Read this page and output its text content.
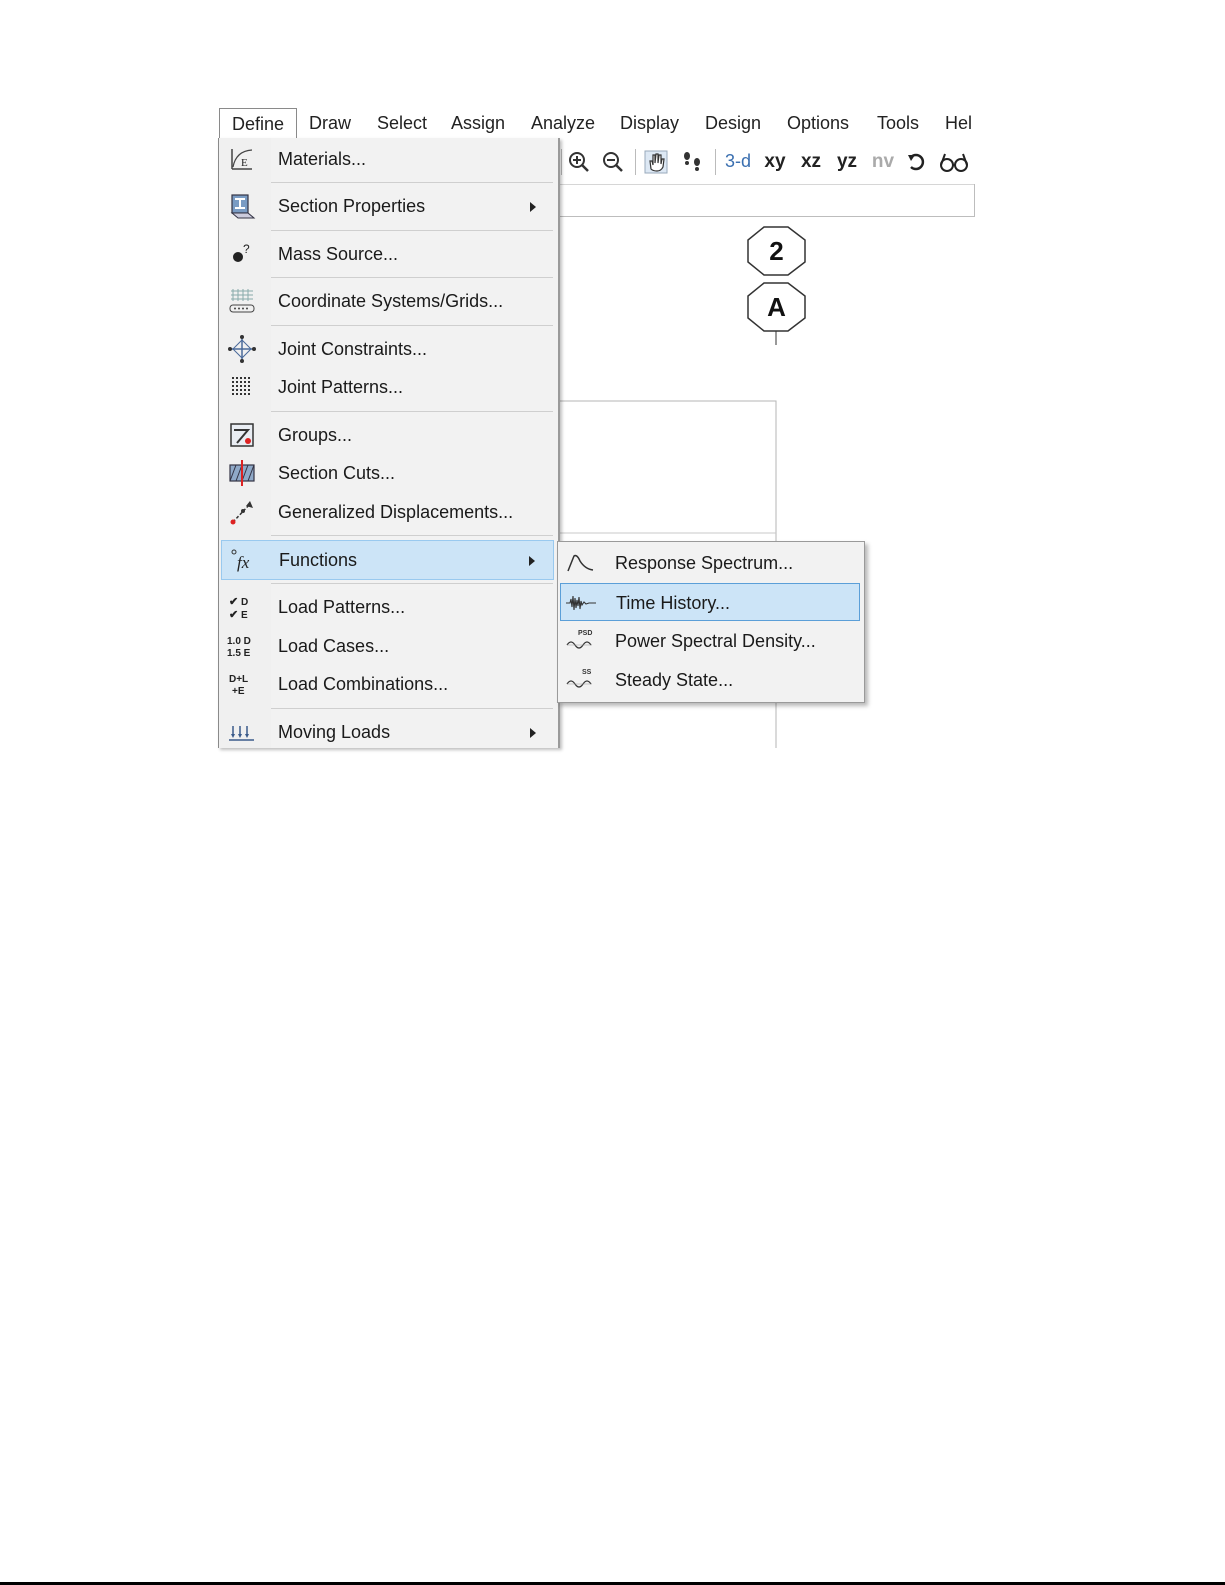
Define	Draw Select Assign Analyze Display Design Options Tools Hel
3-d xy xz yz nv
2
A
E Materials...
Section Properties
? Mass Source...
Coordinate Systems/Grids...
Joint Constraints...
Joint Patterns...
Groups...
Section Cuts...
Generalized Displacements...
fx Functions
✔ D
✔ E Load Patterns...
1.0 D
1.5 E Load Cases...
D+L
+E Load Combinations...
Moving Loads
Response Spectrum...
Time History...
PSD Power Spectral Density...
SS Steady State...
